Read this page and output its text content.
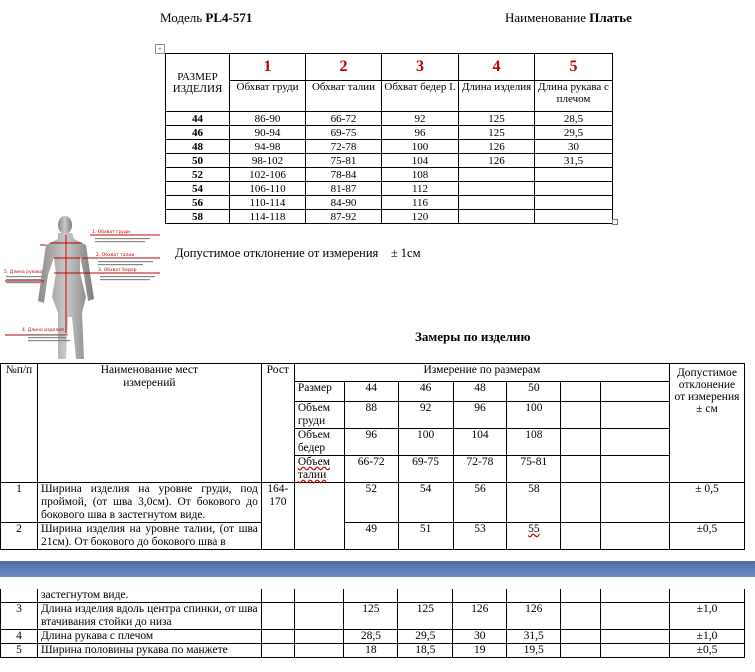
Модель PL4-571	Наименование Платье
+
РАЗМЕР ИЗДЕЛИЯ	1	2	3	4	5
	Обхват груди	Обхват талии	Обхват бедер I.	Длина изделия	Длина рукава с плечом
44	86-90	66-72	92	125	28,5
46	90-94	69-75	96	125	29,5
48	94-98	72-78	100	126	30
50	98-102	75-81	104	126	31,5
52	102-106	78-84	108		
54	106-110	81-87	112		
56	110-114	84-90	116		
58	114-118	87-92	120		
1. Обхват груди
2. Обхват талии
3. Обхват бедер
4. Длина изделия
5. Длина рукава
Допустимое отклонение от измерения ± 1см
Замеры по изделию
№п/п	Наименование мест измерений	Рост	Измерение по размерам							Допустимое отклонение от измерения ± см
			Размер	44	46	48	50			
			Объем груди	88	92	96	100			
			Объем бедер	96	100	104	108			
			Объем талии	66-72	69-75	72-78	75-81			
1	Ширина изделия на уровне груди, под проймой, (от шва 3,0см). От бокового до бокового шва в застегнутом виде.	164-170		52	54	56	58			± 0,5
2	Ширина изделия на уровне талии, (от шва 21см). От бокового до бокового шва в			49	51	53	55			±0,5
	застегнутом виде.									
3	Длина изделия вдоль центра спинки, от шва втачивания стойки до низа			125	125	126	126			±1,0
4	Длина рукава с плечом			28,5	29,5	30	31,5			±1,0
5	Ширина половины рукава по манжете			18	18,5	19	19,5			±0,5
